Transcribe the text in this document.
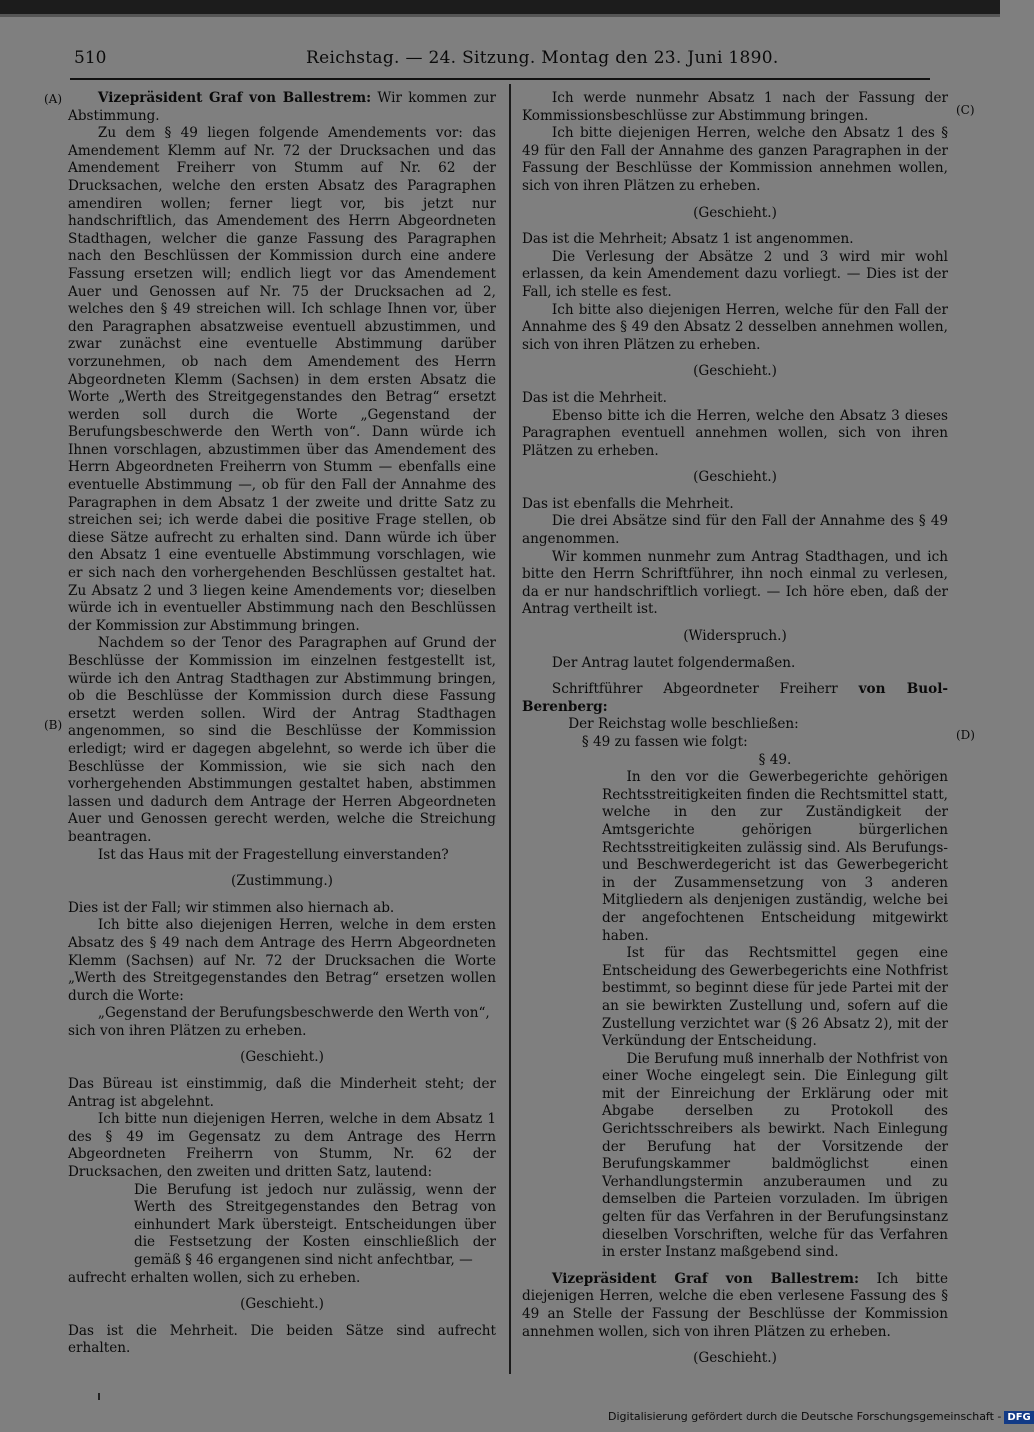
510	Reichstag. — 24. Sitzung. Montag den 23. Juni 1890.
(A)
(B)
(C)
(D)

Vizepräsident Graf von Ballestrem: Wir kommen zur Abstimmung.

Zu dem § 49 liegen folgende Amendements vor: das Amendement Klemm auf Nr. 72 der Drucksachen und das Amendement Freiherr von Stumm auf Nr. 62 der Drucksachen, welche den ersten Absatz des Paragraphen amendiren wollen; ferner liegt vor, bis jetzt nur handschriftlich, das Amendement des Herrn Abgeordneten Stadthagen, welcher die ganze Fassung des Paragraphen nach den Beschlüssen der Kommission durch eine andere Fassung ersetzen will; endlich liegt vor das Amendement Auer und Genossen auf Nr. 75 der Drucksachen ad 2, welches den § 49 streichen will. Ich schlage Ihnen vor, über den Paragraphen absatzweise eventuell abzustimmen, und zwar zunächst eine eventuelle Abstimmung darüber vorzunehmen, ob nach dem Amendement des Herrn Abgeordneten Klemm (Sachsen) in dem ersten Absatz die Worte „Werth des Streitgegenstandes den Betrag“ ersetzt werden soll durch die Worte „Gegenstand der Berufungsbeschwerde den Werth von“. Dann würde ich Ihnen vorschlagen, abzustimmen über das Amendement des Herrn Abgeordneten Freiherrn von Stumm — ebenfalls eine eventuelle Abstimmung —, ob für den Fall der Annahme des Paragraphen in dem Absatz 1 der zweite und dritte Satz zu streichen sei; ich werde dabei die positive Frage stellen, ob diese Sätze aufrecht zu erhalten sind. Dann würde ich über den Absatz 1 eine eventuelle Abstimmung vorschlagen, wie er sich nach den vorhergehenden Beschlüssen gestaltet hat. Zu Absatz 2 und 3 liegen keine Amendements vor; dieselben würde ich in eventueller Abstimmung nach den Beschlüssen der Kommission zur Abstimmung bringen.

Nachdem so der Tenor des Paragraphen auf Grund der Beschlüsse der Kommission im einzelnen festgestellt ist, würde ich den Antrag Stadthagen zur Abstimmung bringen, ob die Beschlüsse der Kommission durch diese Fassung ersetzt werden sollen. Wird der Antrag Stadthagen angenommen, so sind die Beschlüsse der Kommission erledigt; wird er dagegen abgelehnt, so werde ich über die Beschlüsse der Kommission, wie sie sich nach den vorhergehenden Abstimmungen gestaltet haben, abstimmen lassen und dadurch dem Antrage der Herren Abgeordneten Auer und Genossen gerecht werden, welche die Streichung beantragen.

Ist das Haus mit der Fragestellung einverstanden?

(Zustimmung.)

Dies ist der Fall; wir stimmen also hiernach ab.

Ich bitte also diejenigen Herren, welche in dem ersten Absatz des § 49 nach dem Antrage des Herrn Abgeordneten Klemm (Sachsen) auf Nr. 72 der Drucksachen die Worte „Werth des Streitgegenstandes den Betrag“ ersetzen wollen durch die Worte:

„Gegenstand der Berufungsbeschwerde den Werth von“,

sich von ihren Plätzen zu erheben.

(Geschieht.)

Das Büreau ist einstimmig, daß die Minderheit steht; der Antrag ist abgelehnt.

Ich bitte nun diejenigen Herren, welche in dem Absatz 1 des § 49 im Gegensatz zu dem Antrage des Herrn Abgeordneten Freiherrn von Stumm, Nr. 62 der Drucksachen, den zweiten und dritten Satz, lautend:

Die Berufung ist jedoch nur zulässig, wenn der Werth des Streitgegenstandes den Betrag von einhundert Mark übersteigt. Entscheidungen über die Festsetzung der Kosten einschließlich der gemäß § 46 ergangenen sind nicht anfechtbar, —

aufrecht erhalten wollen, sich zu erheben.

(Geschieht.)

Das ist die Mehrheit. Die beiden Sätze sind aufrecht erhalten.

Ich werde nunmehr Absatz 1 nach der Fassung der Kommissionsbeschlüsse zur Abstimmung bringen.

Ich bitte diejenigen Herren, welche den Absatz 1 des § 49 für den Fall der Annahme des ganzen Paragraphen in der Fassung der Beschlüsse der Kommission annehmen wollen, sich von ihren Plätzen zu erheben.

(Geschieht.)

Das ist die Mehrheit; Absatz 1 ist angenommen.

Die Verlesung der Absätze 2 und 3 wird mir wohl erlassen, da kein Amendement dazu vorliegt. — Dies ist der Fall, ich stelle es fest.

Ich bitte also diejenigen Herren, welche für den Fall der Annahme des § 49 den Absatz 2 desselben annehmen wollen, sich von ihren Plätzen zu erheben.

(Geschieht.)

Das ist die Mehrheit.

Ebenso bitte ich die Herren, welche den Absatz 3 dieses Paragraphen eventuell annehmen wollen, sich von ihren Plätzen zu erheben.

(Geschieht.)

Das ist ebenfalls die Mehrheit.

Die drei Absätze sind für den Fall der Annahme des § 49 angenommen.

Wir kommen nunmehr zum Antrag Stadthagen, und ich bitte den Herrn Schriftführer, ihn noch einmal zu verlesen, da er nur handschriftlich vorliegt. — Ich höre eben, daß der Antrag vertheilt ist.

(Widerspruch.)

Der Antrag lautet folgendermaßen.

Schriftführer Abgeordneter Freiherr von Buol-Berenberg:

Der Reichstag wolle beschließen:

§ 49 zu fassen wie folgt:

§ 49.

In den vor die Gewerbegerichte gehörigen Rechtsstreitigkeiten finden die Rechtsmittel statt, welche in den zur Zuständigkeit der Amtsgerichte gehörigen bürgerlichen Rechtsstreitigkeiten zulässig sind. Als Berufungs- und Beschwerdegericht ist das Gewerbegericht in der Zusammensetzung von 3 anderen Mitgliedern als denjenigen zuständig, welche bei der angefochtenen Entscheidung mitgewirkt haben.

Ist für das Rechtsmittel gegen eine Entscheidung des Gewerbegerichts eine Nothfrist bestimmt, so beginnt diese für jede Partei mit der an sie bewirkten Zustellung und, sofern auf die Zustellung verzichtet war (§ 26 Absatz 2), mit der Verkündung der Entscheidung.

Die Berufung muß innerhalb der Nothfrist von einer Woche eingelegt sein. Die Einlegung gilt mit der Einreichung der Erklärung oder mit Abgabe derselben zu Protokoll des Gerichtsschreibers als bewirkt. Nach Einlegung der Berufung hat der Vorsitzende der Berufungskammer baldmöglichst einen Verhandlungstermin anzuberaumen und zu demselben die Parteien vorzuladen. Im übrigen gelten für das Verfahren in der Berufungsinstanz dieselben Vorschriften, welche für das Verfahren in erster Instanz maßgebend sind.

Vizepräsident Graf von Ballestrem: Ich bitte diejenigen Herren, welche die eben verlesene Fassung des § 49 an Stelle der Fassung der Beschlüsse der Kommission annehmen wollen, sich von ihren Plätzen zu erheben.

(Geschieht.)

Digitalisierung gefördert durch die Deutsche Forschungsgemeinschaft - DFG
